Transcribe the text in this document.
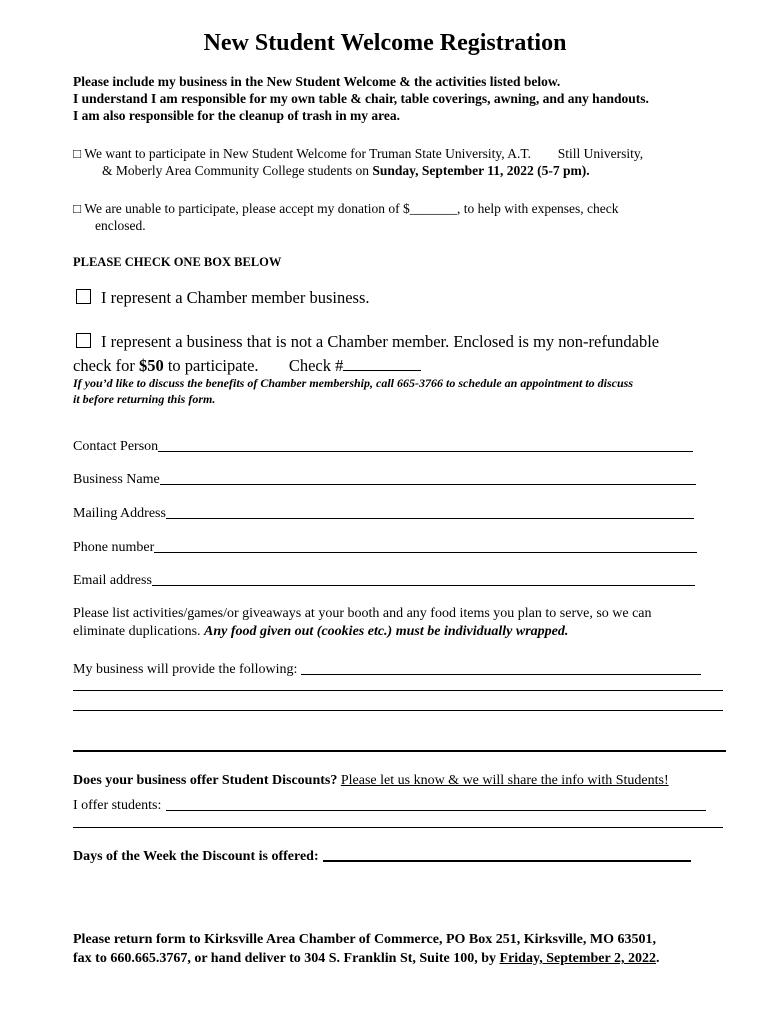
New Student Welcome Registration
Please include my business in the New Student Welcome & the activities listed below.
I understand I am responsible for my own table & chair, table coverings, awning, and any handouts.
I am also responsible for the cleanup of trash in my area.
□ We want to participate in New Student Welcome for Truman State University, A.T. Still University,
& Moberly Area Community College students on Sunday, September 11, 2022 (5-7 pm).
□ We are unable to participate, please accept my donation of $_______, to help with expenses, check
enclosed.
PLEASE CHECK ONE BOX BELOW
I represent a Chamber member business.
I represent a business that is not a Chamber member. Enclosed is my non-refundable
check for $50 to participate. Check #
If you’d like to discuss the benefits of Chamber membership, call 665-3766 to schedule an appointment to discuss
it before returning this form.
Contact Person
Business Name
Mailing Address
Phone number
Email address
Please list activities/games/or giveaways at your booth and any food items you plan to serve, so we can
eliminate duplications. Any food given out (cookies etc.) must be individually wrapped.
My business will provide the following:
Does your business offer Student Discounts? Please let us know & we will share the info with Students!
I offer students:
Days of the Week the Discount is offered:
Please return form to Kirksville Area Chamber of Commerce, PO Box 251, Kirksville, MO 63501,
fax to 660.665.3767, or hand deliver to 304 S. Franklin St, Suite 100, by Friday, September 2, 2022.
